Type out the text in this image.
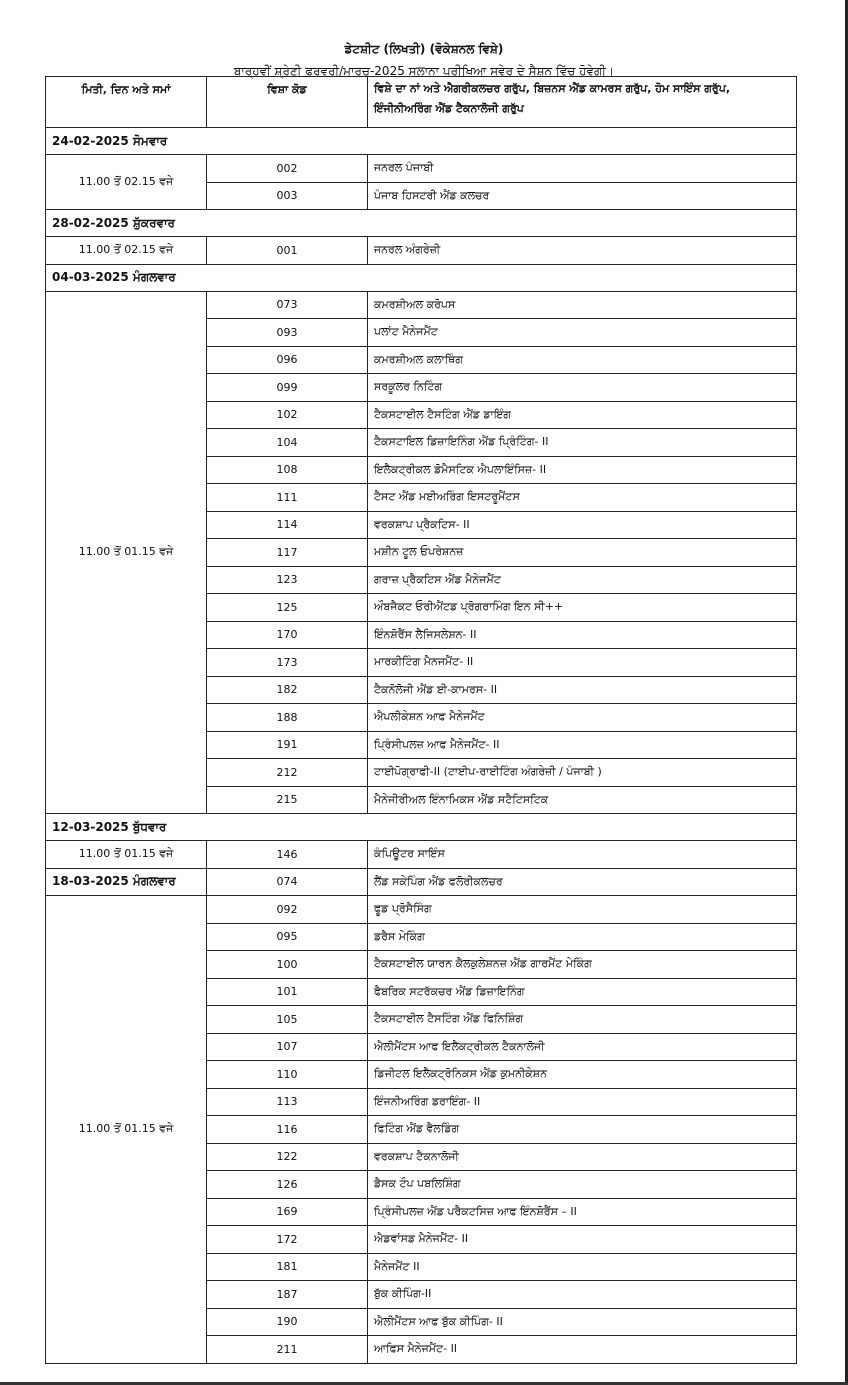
ਡੇਟਸ਼ੀਟ (ਲਿਖਤੀ) (ਵੋਕੇਸ਼ਨਲ ਵਿਸ਼ੇ)
ਬਾਰ੍ਹਵੀਂ ਸ਼੍ਰੇਣੀ ਫਰਵਰੀ/ਮਾਰਚ-2025 ਸਲਾਨਾ ਪਰੀਖਿਆ ਸਵੇਰ ਦੇ ਸੈਸ਼ਨ ਵਿੱਚ ਹੋਵੇਗੀ।
ਮਿਤੀ, ਦਿਨ ਅਤੇ ਸਮਾਂ	ਵਿਸ਼ਾ ਕੋਡ	ਵਿਸ਼ੇ ਦਾ ਨਾਂ ਅਤੇ ਐਗਰੀਕਲਚਰ ਗਰੁੱਪ, ਬਿਜ਼ਨਸ ਐਂਡ ਕਾਮਰਸ ਗਰੁੱਪ, ਹੋਮ ਸਾਇੰਸ ਗਰੁੱਪ, ਇੰਜੀਨੀਅਰਿੰਗ ਐਂਡ ਟੈਕਨਾਲੋਜੀ ਗਰੁੱਪ
24-02-2025 ਸੋਮਵਾਰ		
11.00 ਤੋਂ 02.15 ਵਜੇ	002	ਜਨਰਲ ਪੰਜਾਬੀ
	003	ਪੰਜਾਬ ਹਿਸਟਰੀ ਐਂਡ ਕਲਚਰ
28-02-2025 ਸ਼ੁੱਕਰਵਾਰ		
11.00 ਤੋਂ 02.15 ਵਜੇ	001	ਜਨਰਲ ਅੰਗਰੇਜ਼ੀ
04-03-2025 ਮੰਗਲਵਾਰ		
11.00 ਤੋਂ 01.15 ਵਜੇ	073	ਕਮਰਸ਼ੀਅਲ ਕਰੋਪਸ
	093	ਪਲਾਂਟ ਮੈਨੇਜਮੈਂਟ
	096	ਕਮਰਸ਼ੀਅਲ ਕਲਾਥਿੰਗ
	099	ਸਰਕੂਲਰ ਨਿਟਿੰਗ
	102	ਟੈਕਸਟਾਈਲ ਟੈਸਟਿੰਗ ਐਂਡ ਡਾਇੰਗ
	104	ਟੈਕਸਟਾਇਲ ਡਿਜ਼ਾਇਨਿੰਗ ਐਂਡ ਪ੍ਰਿੰਟਿੰਗ- II
	108	ਇਲੈਕਟ੍ਰੀਕਲ ਡੋਮੈਸਟਿਕ ਐਪਲਾਇੰਸਿਜ਼- II
	111	ਟੈਸਟ ਐਂਡ ਮਈਅਰਿੰਗ ਇਸਟਰੂਮੈਂਟਸ
	114	ਵਰਕਸ਼ਾਪ ਪ੍ਰੈਕਟਿਸ- II
	117	ਮਸ਼ੀਨ ਟੂਲ ਓਪਰੇਸ਼ਨਜ਼
	123	ਗਰਾਜ਼ ਪ੍ਰੈਕਟਿਸ ਐਂਡ ਮੈਨੇਜਮੈਂਟ
	125	ਔਬਜੈਕਟ ਓਰੀਐਂਟਡ ਪ੍ਰੋਗਰਾਮਿੰਗ ਇਨ ਸੀ++
	170	ਇੰਨਸ਼ੋਰੈਂਸ ਲੈਜਿਸਲੇਸ਼ਨ- II
	173	ਮਾਰਕੀਟਿੰਗ ਮੈਨਜਮੈਂਟ- II
	182	ਟੈਕਨੋਲੋਜੀ ਐਂਡ ਈ-ਕਾਮਰਸ- II
	188	ਐਪਲੀਕੇਸ਼ਨ ਆਫ ਮੈਨੇਜਮੈਂਟ
	191	ਪ੍ਰਿੰਸੀਪਲਜ਼ ਆਫ ਮੈਨੇਜਮੈਂਟ- II
	212	ਟਾਈਪੋਗ੍ਰਾਫੀ-II (ਟਾਈਪ-ਰਾਈਟਿੰਗ ਅੰਗਰੇਜ਼ੀ / ਪੰਜਾਬੀ )
	215	ਮੈਨੇਜੀਰੀਅਲ ਇੰਨਾਮਿਕਸ ਐਂਡ ਸਟੈਟਿਸਟਿਕ
12-03-2025 ਬੁੱਧਵਾਰ		
11.00 ਤੋਂ 01.15 ਵਜੇ	146	ਕੰਪਿਊਟਰ ਸਾਇੰਸ
18-03-2025 ਮੰਗਲਵਾਰ	074	ਲੈਂਡ ਸਕੇਪਿੰਗ ਐਂਡ ਫਲੋਰੀਕਲਚਰ
11.00 ਤੋਂ 01.15 ਵਜੇ	092	ਫੂਡ ਪ੍ਰੋਸੈਸਿੰਗ
	095	ਡਰੈਸ ਮੇਕਿੰਗ
	100	ਟੈਕਸਟਾਈਲ ਯਾਰਨ ਕੈਲਕੁਲੇਸ਼ਨਜ਼ ਐਂਡ ਗਾਰਮੈਂਟ ਮੇਕਿੰਗ
	101	ਫੈਬਰਿਕ ਸਟਰੱਕਚਰ ਐਂਡ ਡਿਜ਼ਾਇਨਿੰਗ
	105	ਟੈਕਸਟਾਈਲ ਟੈਸਟਿੰਗ ਐਂਡ ਫਿਨਿਸ਼ਿੰਗ
	107	ਐਲੀਮੈਂਟਸ ਆਫ ਇਲੈਕਟ੍ਰੀਕਲ ਟੈਕਨਾਲੋਜੀ
	110	ਡਿਜੀਟਲ ਇਲੈਕਟ੍ਰੋਨਿਕਸ ਐਂਡ ਕੁਮਨੀਕੇਸ਼ਨ
	113	ਇੰਜਨੀਅਰਿੰਗ ਡਰਾਇੰਗ- II
	116	ਫਿਟਿੰਗ ਐਂਡ ਵੈਲਡਿੰਗ
	122	ਵਰਕਸ਼ਾਪ ਟੈਕਨਾਲੋਜੀ
	126	ਡੈਸਕ ਟੌਪ ਪਬਲਿਸ਼ਿੰਗ
	169	ਪ੍ਰਿੰਸੀਪਲਜ਼ ਐਂਡ ਪਰੈਕਟਸਿਜ਼ ਆਫ ਇੰਨਸ਼ੋਰੈਂਸ – II
	172	ਐਡਵਾਂਸਡ ਮੈਨੇਜਮੈਂਟ- II
	181	ਮੈਨੇਜਮੈਂਟ II
	187	ਬੁੱਕ ਕੀਪਿੰਗ-II
	190	ਐਲੀਮੈਂਟਸ ਆਫ ਬੁੱਕ ਕੀਪਿੰਗ- II
	211	ਆਫਿਸ ਮੈਨੇਜਮੈਂਟ- II
